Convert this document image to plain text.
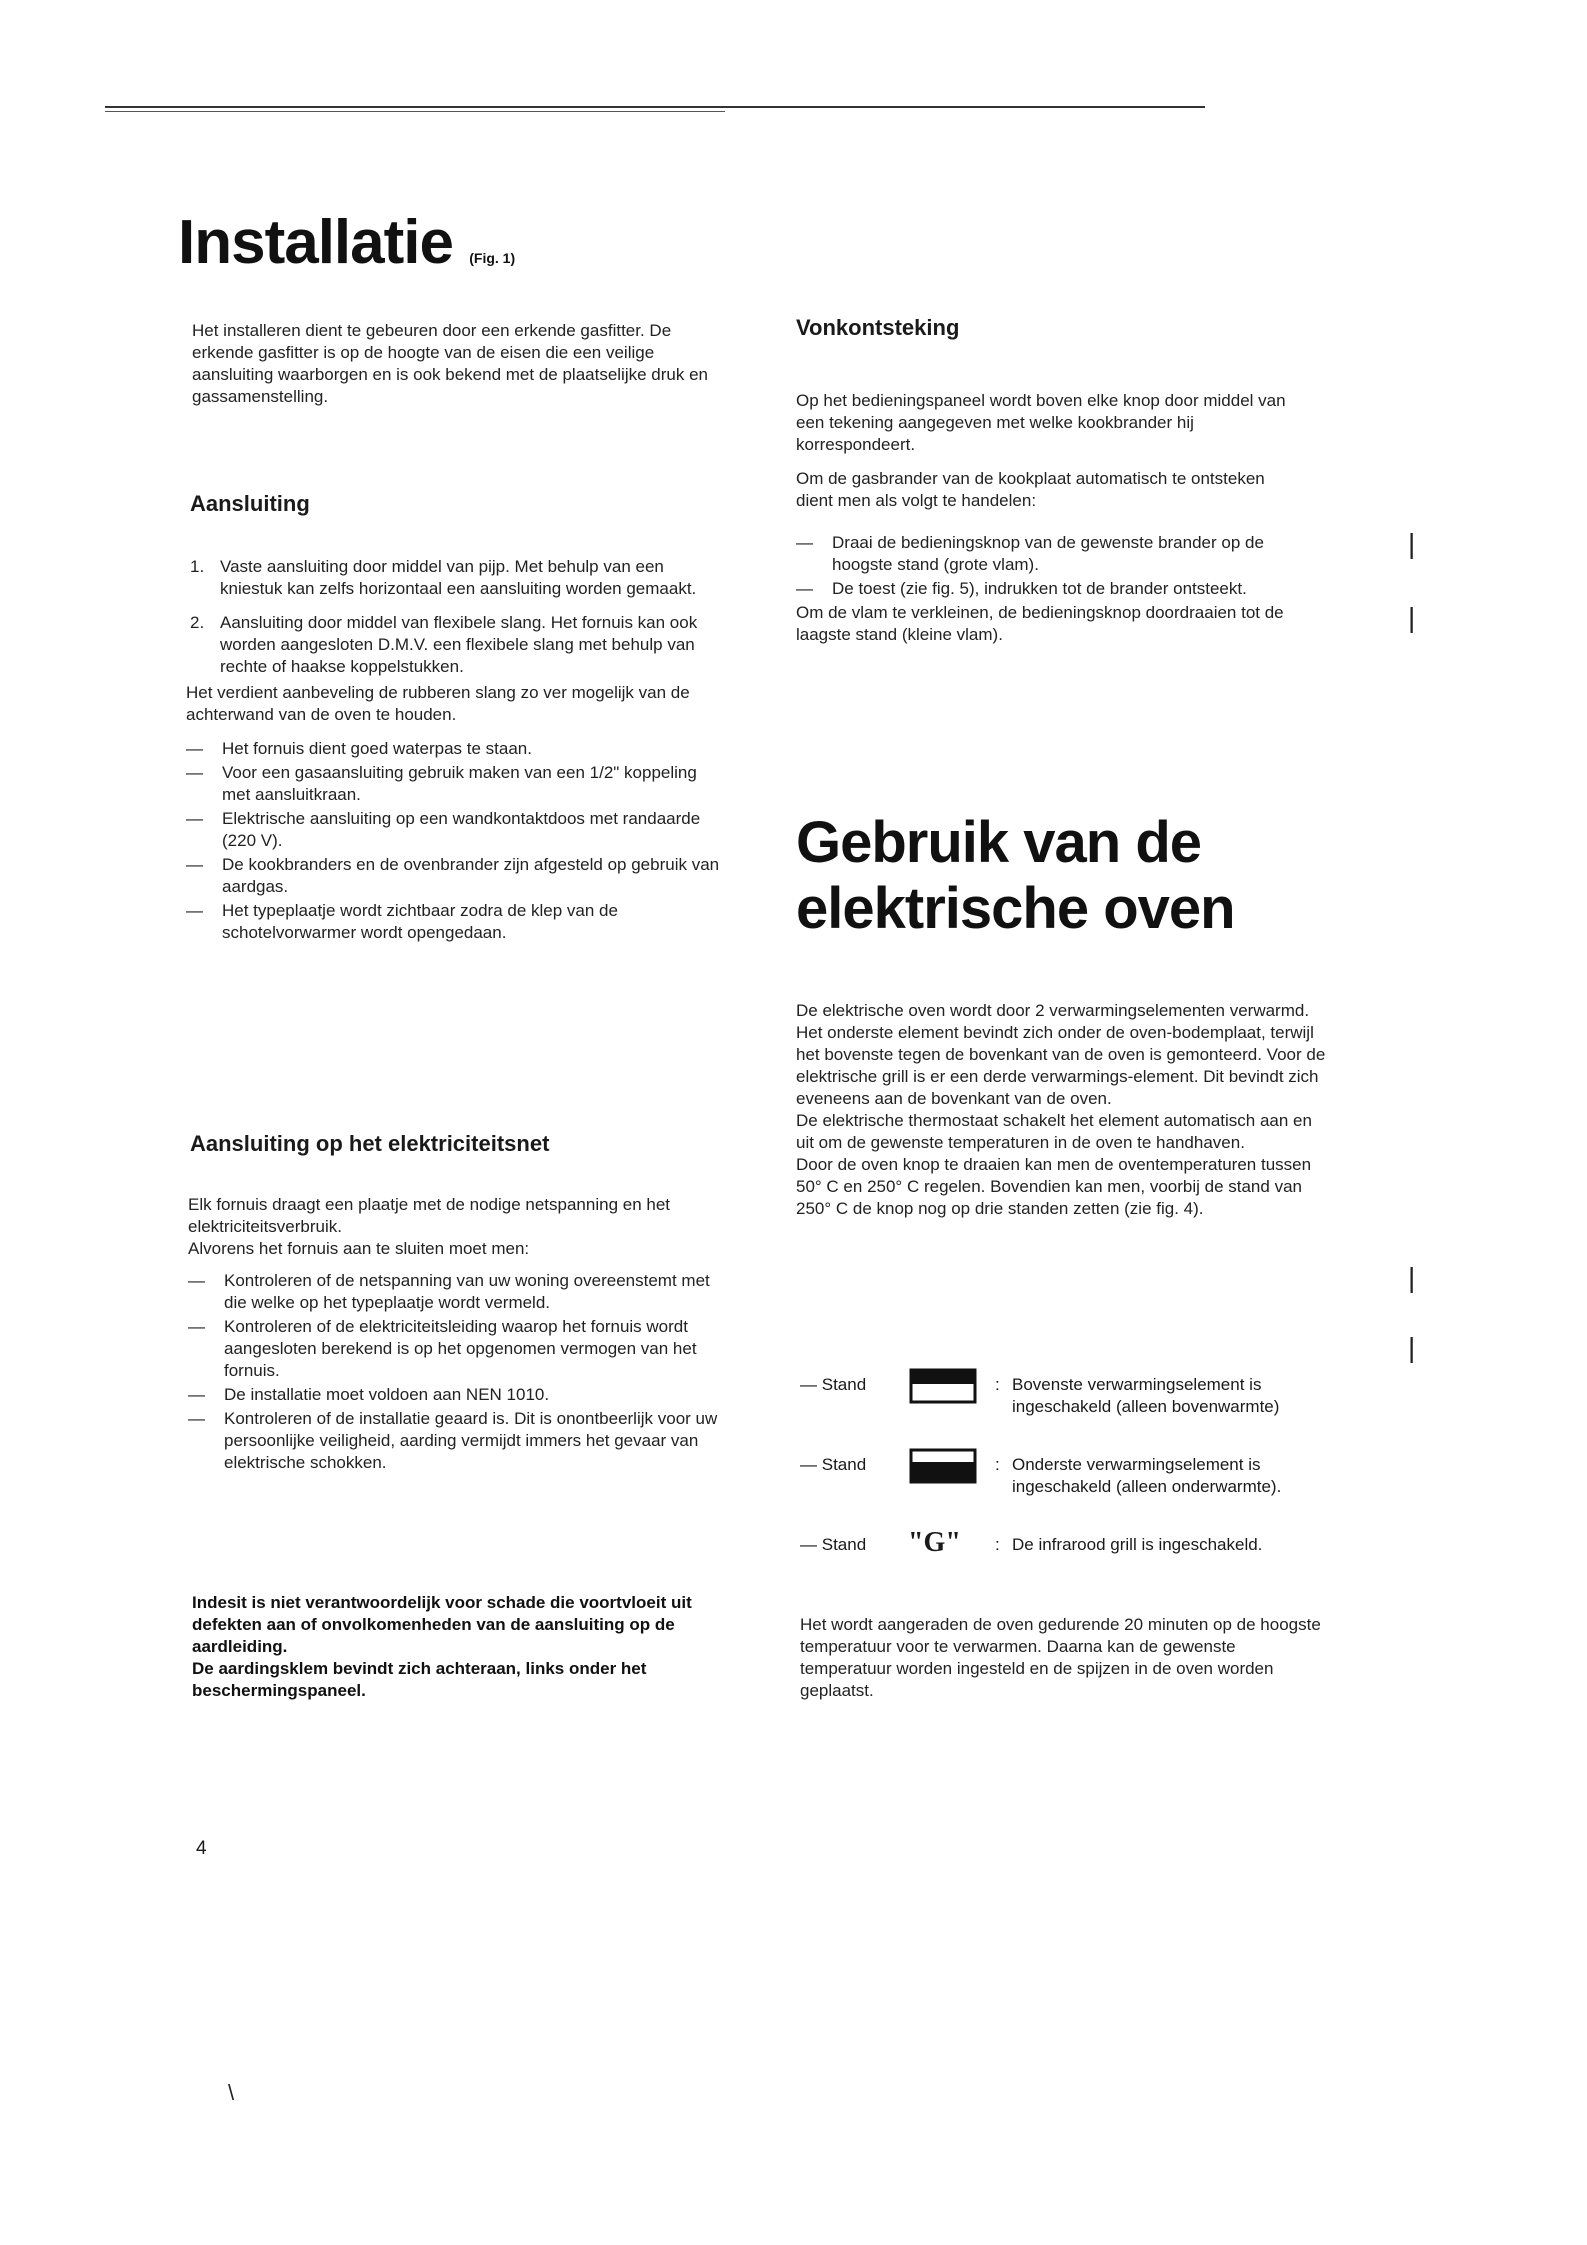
Installatie (Fig. 1)

Het installeren dient te gebeuren door een erkende gasfitter. De erkende gasfitter is op de hoogte van de eisen die een veilige aansluiting waarborgen en is ook bekend met de plaatselijke druk en gassamenstelling.

Aansluiting
1. Vaste aansluiting door middel van pijp. Met behulp van een kniestuk kan zelfs horizontaal een aansluiting worden gemaakt.
2. Aansluiting door middel van flexibele slang. Het fornuis kan ook worden aangesloten D.M.V. een flexibele slang met behulp van rechte of haakse koppelstukken.

Het verdient aanbeveling de rubberen slang zo ver mogelijk van de achterwand van de oven te houden.

— Het fornuis dient goed waterpas te staan.
— Voor een gasaansluiting gebruik maken van een 1/2" koppeling met aansluitkraan.
— Elektrische aansluiting op een wandkontaktdoos met randaarde (220 V).
— De kookbranders en de ovenbrander zijn afgesteld op gebruik van aardgas.
— Het typeplaatje wordt zichtbaar zodra de klep van de schotelvorwarmer wordt opengedaan.
Aansluiting op het elektriciteitsnet

Elk fornuis draagt een plaatje met de nodige netspanning en het elektriciteitsverbruik.

Alvorens het fornuis aan te sluiten moet men:

— Kontroleren of de netspanning van uw woning overeenstemt met die welke op het typeplaatje wordt vermeld.
— Kontroleren of de elektriciteitsleiding waarop het fornuis wordt aangesloten berekend is op het opgenomen vermogen van het fornuis.
— De installatie moet voldoen aan NEN 1010.
— Kontroleren of de installatie geaard is. Dit is onontbeerlijk voor uw persoonlijke veiligheid, aarding vermijdt immers het gevaar van elektrische schokken.

Indesit is niet verantwoordelijk voor schade die voortvloeit uit defekten aan of onvolkomenheden van de aansluiting op de aardleiding.

De aardingsklem bevindt zich achteraan, links onder het beschermingspaneel.

4
Vonkontsteking

Op het bedieningspaneel wordt boven elke knop door middel van een tekening aangegeven met welke kookbrander hij korrespondeert.

Om de gasbrander van de kookplaat automatisch te ontsteken dient men als volgt te handelen:

— Draai de bedieningsknop van de gewenste brander op de hoogste stand (grote vlam).
— De toest (zie fig. 5), indrukken tot de brander ontsteekt.

Om de vlam te verkleinen, de bedieningsknop doordraaien tot de laagste stand (kleine vlam).

Gebruik van de elektrische oven

De elektrische oven wordt door 2 verwarmingselementen verwarmd.

Het onderste element bevindt zich onder de oven-bodemplaat, terwijl het bovenste tegen de bovenkant van de oven is gemonteerd. Voor de elektrische grill is er een derde verwarmings-element. Dit bevindt zich eveneens aan de bovenkant van de oven.

De elektrische thermostaat schakelt het element automatisch aan en uit om de gewenste temperaturen in de oven te handhaven.

Door de oven knop te draaien kan men de oventemperaturen tussen 50° C en 250° C regelen. Bovendien kan men, voorbij de stand van 250° C de knop nog op drie standen zetten (zie fig. 4).

— Stand	: Bovenste verwarmingselement is ingeschakeld (alleen bovenwarmte)
— Stand	: Onderste verwarmingselement is ingeschakeld (alleen onderwarmte).
— Stand	"G"	: De infrarood grill is ingeschakeld.

Het wordt aangeraden de oven gedurende 20 minuten op de hoogste temperatuur voor te verwarmen. Daarna kan de gewenste temperatuur worden ingesteld en de spijzen in de oven worden geplaatst.

|
|
|
|
\
